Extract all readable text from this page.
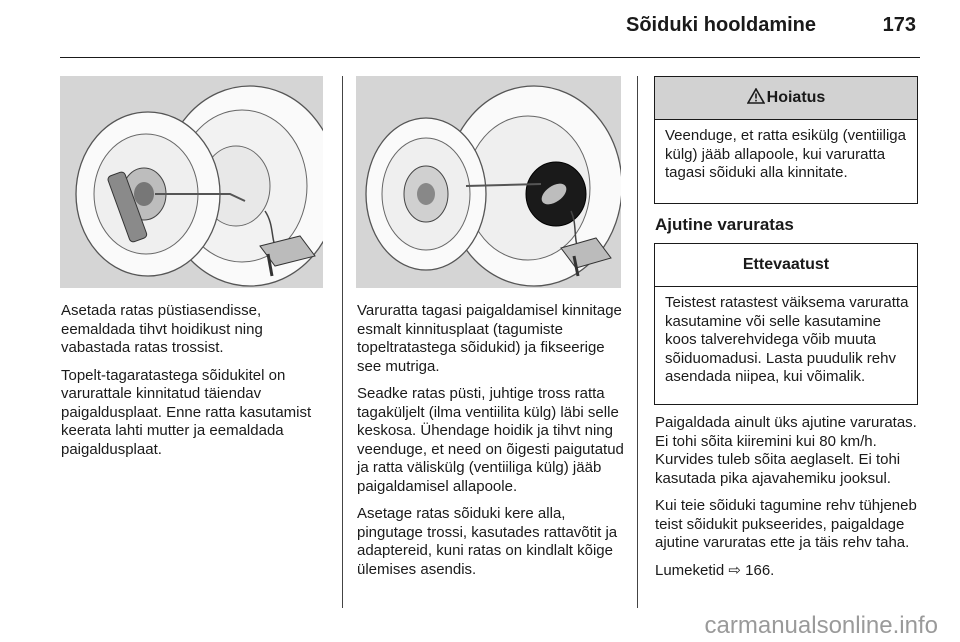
Sõiduki hooldamine	173

Asetada ratas püstiasendisse, eemaldada tihvt hoidikust ning vabastada ratas trossist.

Topelt-tagaratastega sõidukitel on varurattale kinnitatud täiendav paigaldusplaat. Enne ratta kasutamist keerata lahti mutter ja eemaldada paigaldusplaat.

Varuratta tagasi paigaldamisel kinnitage esmalt kinnitusplaat (tagumiste topeltratastega sõidukid) ja fikseerige see mutriga.

Seadke ratas püsti, juhtige tross ratta tagaküljelt (ilma ventiilita külg) läbi selle keskosa. Ühendage hoidik ja tihvt ning veenduge, et need on õigesti paigutatud ja ratta väliskülg (ventiiliga külg) jääb paigaldamisel allapoole.

Asetage ratas sõiduki kere alla, pingutage trossi, kasutades rattavõtit ja adaptereid, kuni ratas on kindlalt kõige ülemises asendis.

Hoiatus
Veenduge, et ratta esikülg (ventiiliga külg) jääb allapoole, kui varuratta tagasi sõiduki alla kinnitate.
Ajutine varuratas
Ettevaatust
Teistest ratastest väiksema varuratta kasutamine või selle kasutamine koos talverehvidega võib muuta sõiduomadusi. Lasta puudulik rehv asendada niipea, kui võimalik.

Paigaldada ainult üks ajutine varuratas. Ei tohi sõita kiiremini kui 80 km/h. Kurvides tuleb sõita aeglaselt. Ei tohi kasutada pika ajavahemiku jooksul.

Kui teie sõiduki tagumine rehv tühjeneb teist sõidukit pukseerides, paigaldage ajutine varuratas ette ja täis rehv taha.

Lumeketid ⇨ 166.

carmanualsonline.info
